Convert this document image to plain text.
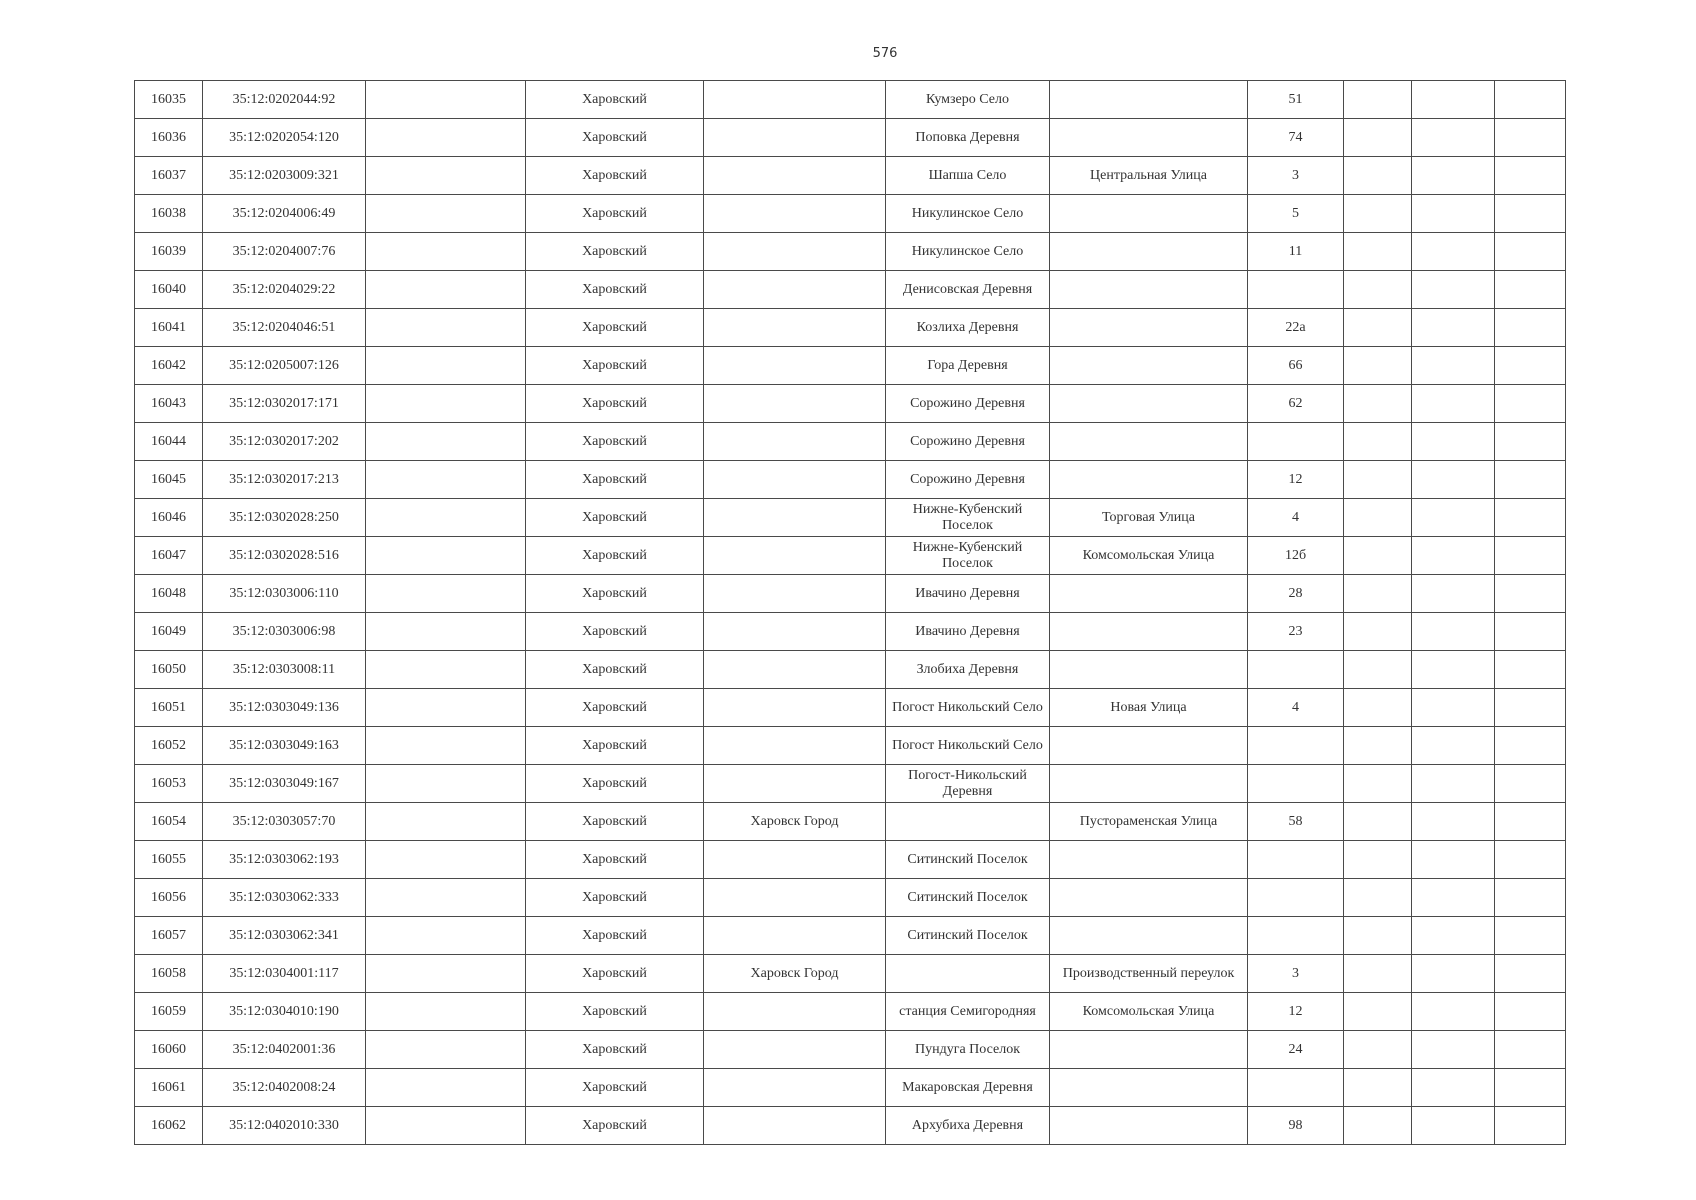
576
16035	35:12:0202044:92		Харовский		Кумзеро Село		51			
16036	35:12:0202054:120		Харовский		Поповка Деревня		74			
16037	35:12:0203009:321		Харовский		Шапша Село	Центральная Улица	3			
16038	35:12:0204006:49		Харовский		Никулинское Село		5			
16039	35:12:0204007:76		Харовский		Никулинское Село		11			
16040	35:12:0204029:22		Харовский		Денисовская Деревня					
16041	35:12:0204046:51		Харовский		Козлиха Деревня		22а			
16042	35:12:0205007:126		Харовский		Гора Деревня		66			
16043	35:12:0302017:171		Харовский		Сорожино Деревня		62			
16044	35:12:0302017:202		Харовский		Сорожино Деревня					
16045	35:12:0302017:213		Харовский		Сорожино Деревня		12			
16046	35:12:0302028:250		Харовский		Нижне-Кубенский Поселок	Торговая Улица	4			
16047	35:12:0302028:516		Харовский		Нижне-Кубенский Поселок	Комсомольская Улица	12б			
16048	35:12:0303006:110		Харовский		Ивачино Деревня		28			
16049	35:12:0303006:98		Харовский		Ивачино Деревня		23			
16050	35:12:0303008:11		Харовский		Злобиха Деревня					
16051	35:12:0303049:136		Харовский		Погост Никольский Село	Новая Улица	4			
16052	35:12:0303049:163		Харовский		Погост Никольский Село					
16053	35:12:0303049:167		Харовский		Погост-Никольский Деревня					
16054	35:12:0303057:70		Харовский	Харовск Город		Пустораменская Улица	58			
16055	35:12:0303062:193		Харовский		Ситинский Поселок					
16056	35:12:0303062:333		Харовский		Ситинский Поселок					
16057	35:12:0303062:341		Харовский		Ситинский Поселок					
16058	35:12:0304001:117		Харовский	Харовск Город		Производственный переулок	3			
16059	35:12:0304010:190		Харовский		станция Семигородняя	Комсомольская Улица	12			
16060	35:12:0402001:36		Харовский		Пундуга Поселок		24			
16061	35:12:0402008:24		Харовский		Макаровская Деревня					
16062	35:12:0402010:330		Харовский		Архубиха Деревня		98			
